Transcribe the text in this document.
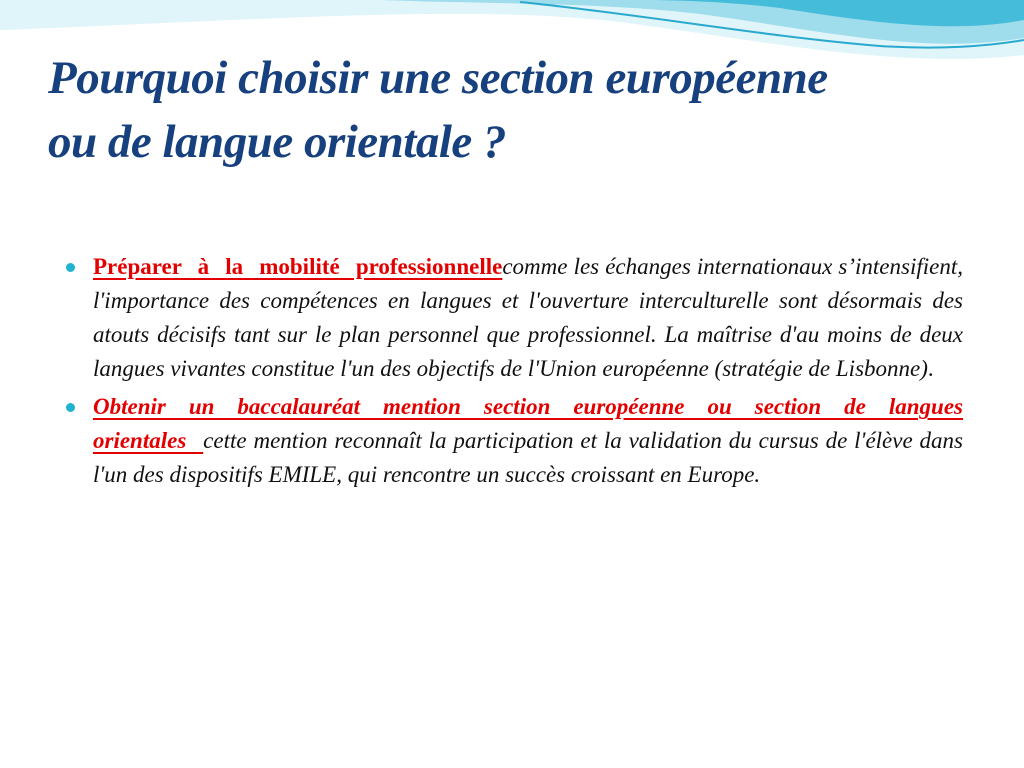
Pourquoi choisir une section européenne
ou de langue orientale ?
Préparer à la mobilité professionnellecomme les échanges internationaux s’intensifient, l'importance des compétences en langues et l'ouverture interculturelle sont désormais des atouts décisifs tant sur le plan personnel que professionnel. La maîtrise d'au moins de deux langues vivantes constitue l'un des objectifs de l'Union européenne (stratégie de Lisbonne).
Obtenir un baccalauréat mention section européenne ou section de langues orientales cette mention reconnaît la participation et la validation du cursus de l'élève dans l'un des dispositifs EMILE, qui rencontre un succès croissant en Europe.
